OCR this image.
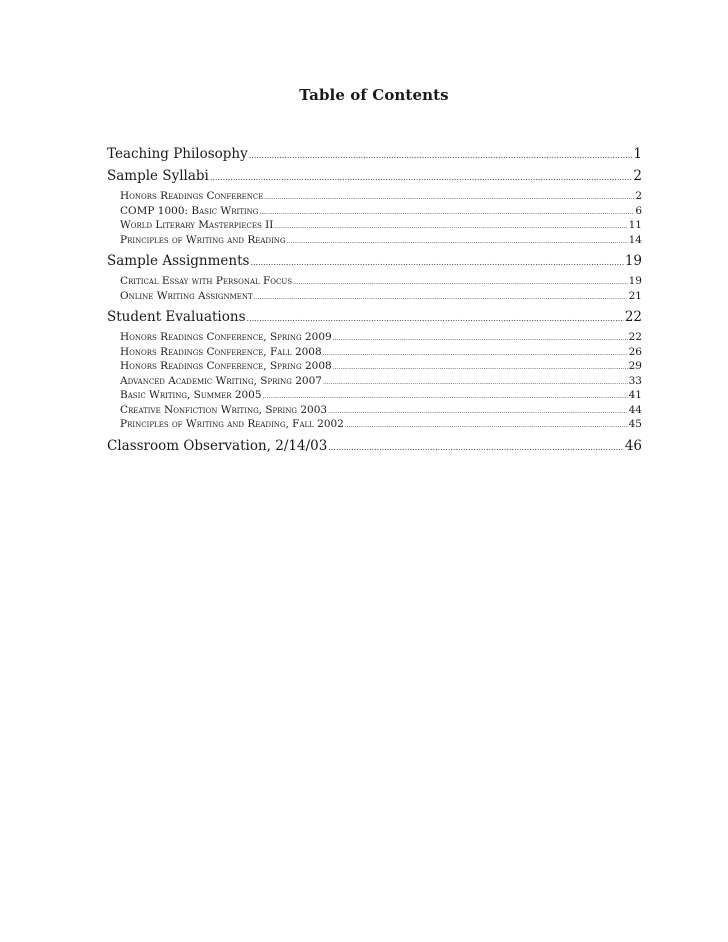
Table of Contents
Teaching Philosophy .....	1
Sample Syllabi .....	2
Honors Readings Conference .....	2
COMP 1000: Basic Writing .....	6
World Literary Masterpieces II .....	11
Principles of Writing and Reading .....	14
Sample Assignments .....	19
Critical Essay with Personal Focus .....	19
Online Writing Assignment .....	21
Student Evaluations .....	22
Honors Readings Conference, Spring 2009 .....	22
Honors Readings Conference, Fall 2008 .....	26
Honors Readings Conference, Spring 2008 .....	29
Advanced Academic Writing, Spring 2007 .....	33
Basic Writing, Summer 2005 .....	41
Creative Nonfiction Writing, Spring 2003 .....	44
Principles of Writing and Reading, Fall 2002 .....	45
Classroom Observation, 2/14/03 .....	46
